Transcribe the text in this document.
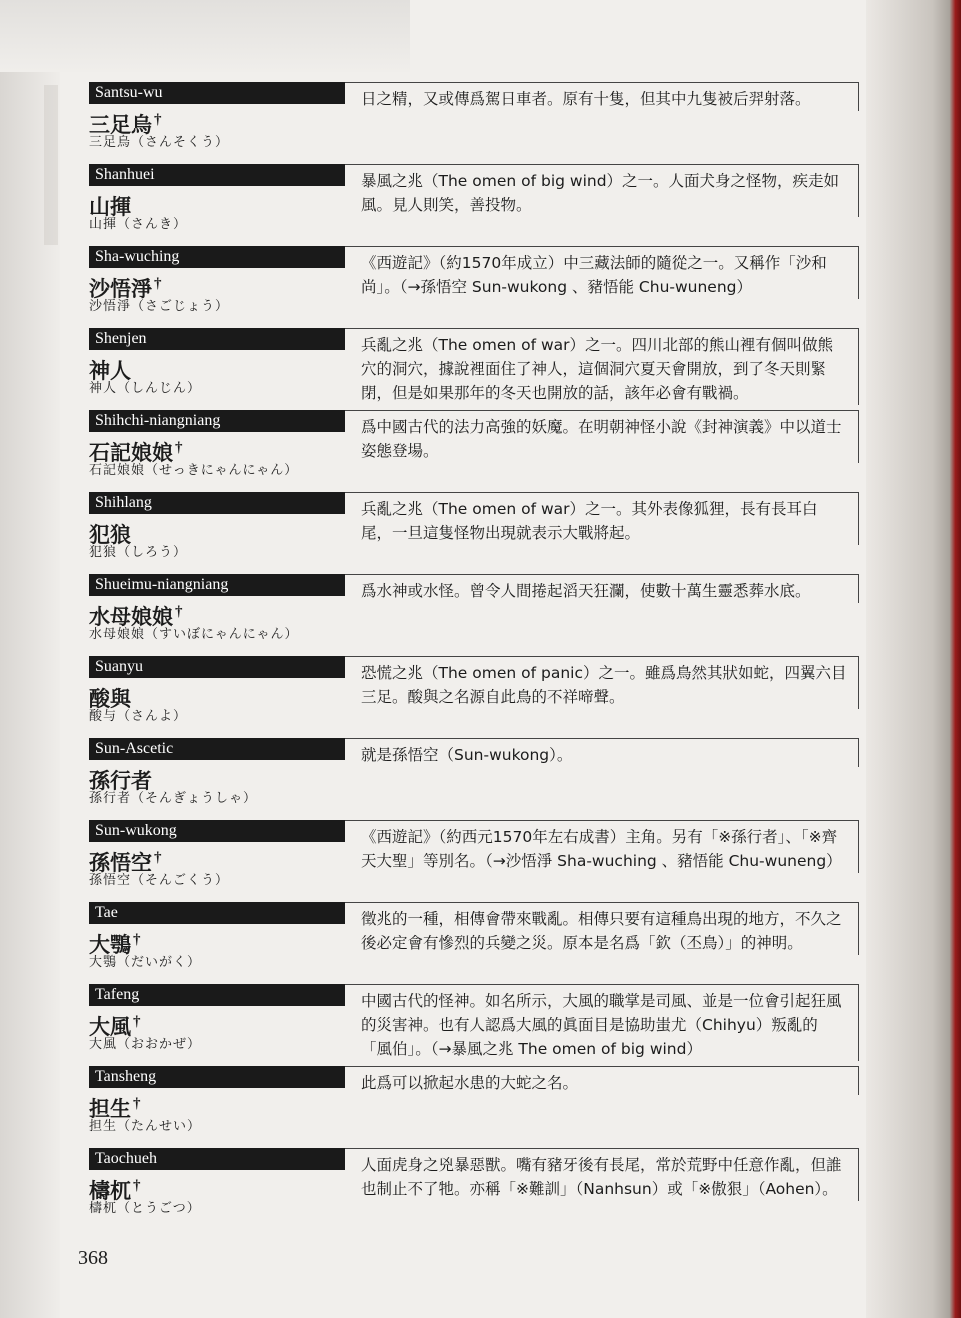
Santsu-wu
三足烏 †
三足烏（さんそくう）

日之精，又或傳爲駕日車者。原有十隻，但其中九隻被后羿射落。

Shanhuei
山揮
山揮（さんき）

暴風之兆（The omen of big wind）之一。人面犬身之怪物，疾走如風。見人則笑，善投物。

Sha-wuching
沙悟淨 †
沙悟淨（さごじょう）

《西遊記》（約1570年成立）中三藏法師的隨從之一。又稱作「沙和尚」。（→孫悟空 Sun-wukong 、豬悟能 Chu-wuneng）

Shenjen
神人
神人（しんじん）

兵亂之兆（The omen of war）之一。四川北部的熊山裡有個叫做熊穴的洞穴，據說裡面住了神人，這個洞穴夏天會開放，到了冬天則緊閉，但是如果那年的冬天也開放的話，該年必會有戰禍。

Shihchi-niangniang
石記娘娘 †
石記娘娘（せっきにゃんにゃん）

爲中國古代的法力高強的妖魔。在明朝神怪小說《封神演義》中以道士姿態登場。

Shihlang
犯狼
犯狼（しろう）

兵亂之兆（The omen of war）之一。其外表像狐狸，長有長耳白尾，一旦這隻怪物出現就表示大戰將起。

Shueimu-niangniang
水母娘娘 †
水母娘娘（すいぼにゃんにゃん）

爲水神或水怪。曾令人間捲起滔天狂瀾，使數十萬生靈悉葬水底。

Suanyu
酸與
酸与（さんよ）

恐慌之兆（The omen of panic）之一。雖爲鳥然其狀如蛇，四翼六目三足。酸與之名源自此鳥的不祥啼聲。

Sun-Ascetic
孫行者
孫行者（そんぎょうしゃ）

就是孫悟空（Sun-wukong）。

Sun-wukong
孫悟空 †
孫悟空（そんごくう）

《西遊記》（約西元1570年左右成書）主角。另有「※孫行者」、「※齊天大聖」等別名。（→沙悟淨 Sha-wuching 、豬悟能 Chu-wuneng）

Tae
大鶚 †
大鶚（だいがく）

徵兆的一種，相傳會帶來戰亂。相傳只要有這種鳥出現的地方，不久之後必定會有慘烈的兵變之災。原本是名爲「欽（丕鳥）」的神明。

Tafeng
大風 †
大風（おおかぜ）

中國古代的怪神。如名所示，大風的職掌是司風、並是一位會引起狂風的災害神。也有人認爲大風的眞面目是協助蚩尤（Chihyu）叛亂的「風伯」。（→暴風之兆 The omen of big wind）

Tansheng
担生 †
担生（たんせい）

此爲可以掀起水患的大蛇之名。

Taochueh
檮杌 †
檮杌（とうごつ）

人面虎身之兇暴惡獸。嘴有豬牙後有長尾，常於荒野中任意作亂，但誰也制止不了牠。亦稱「※難訓」（Nanhsun）或「※傲狠」（Aohen）。

368
